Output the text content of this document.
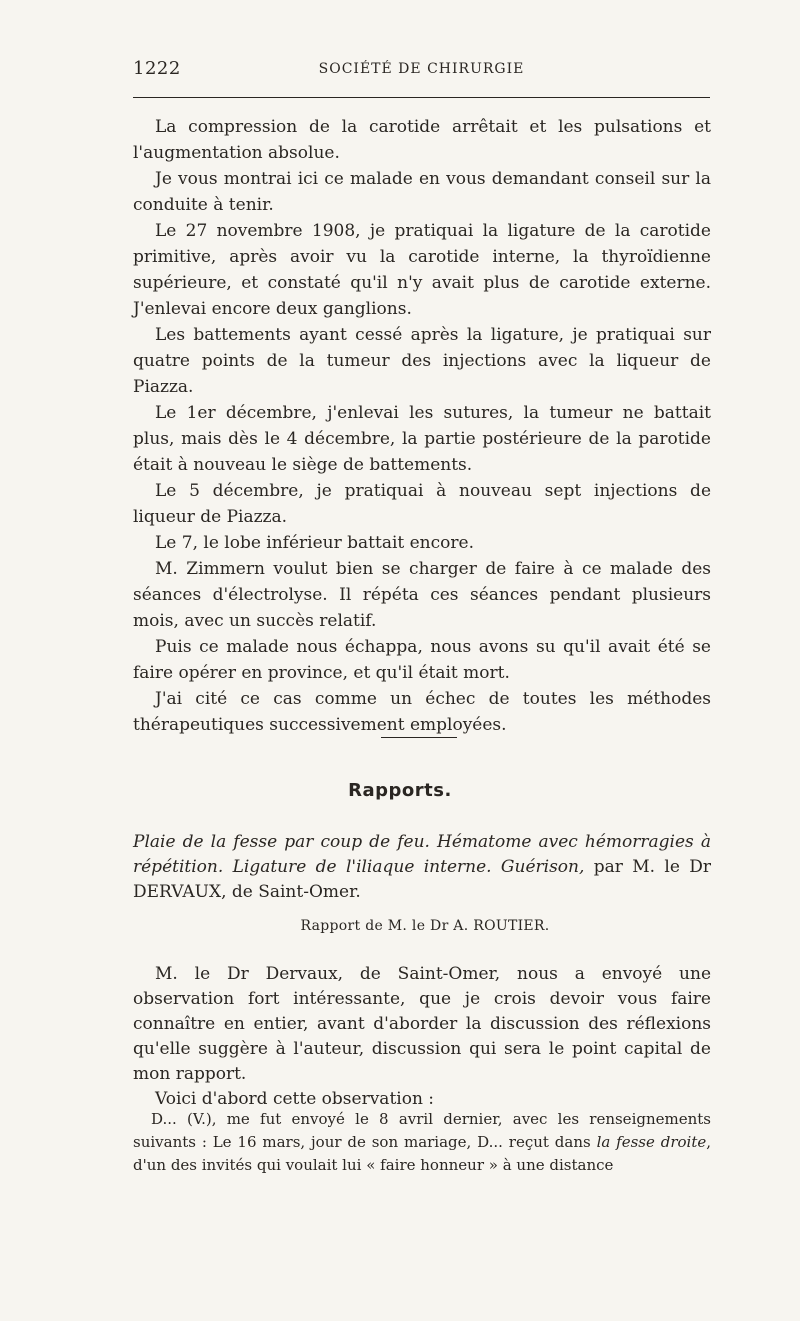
1222	SOCIÉTÉ DE CHIRURGIE

La compression de la carotide arrêtait et les pulsations et l'augmentation absolue.

Je vous montrai ici ce malade en vous demandant conseil sur la conduite à tenir.

Le 27 novembre 1908, je pratiquai la ligature de la carotide primitive, après avoir vu la carotide interne, la thyroïdienne supérieure, et constaté qu'il n'y avait plus de carotide externe. J'enlevai encore deux ganglions.

Les battements ayant cessé après la ligature, je pratiquai sur quatre points de la tumeur des injections avec la liqueur de Piazza.

Le 1er décembre, j'enlevai les sutures, la tumeur ne battait plus, mais dès le 4 décembre, la partie postérieure de la parotide était à nouveau le siège de battements.

Le 5 décembre, je pratiquai à nouveau sept injections de liqueur de Piazza.

Le 7, le lobe inférieur battait encore.

M. Zimmern voulut bien se charger de faire à ce malade des séances d'électrolyse. Il répéta ces séances pendant plusieurs mois, avec un succès relatif.

Puis ce malade nous échappa, nous avons su qu'il avait été se faire opérer en province, et qu'il était mort.

J'ai cité ce cas comme un échec de toutes les méthodes thérapeutiques successivement employées.

Rapports.
Plaie de la fesse par coup de feu. Hématome avec hémorragies à répétition. Ligature de l'iliaque interne. Guérison, par M. le Dr DERVAUX, de Saint-Omer.
Rapport de M. le Dr A. ROUTIER.

M. le Dr Dervaux, de Saint-Omer, nous a envoyé une observation fort intéressante, que je crois devoir vous faire connaître en entier, avant d'aborder la discussion des réflexions qu'elle suggère à l'auteur, discussion qui sera le point capital de mon rapport.

Voici d'abord cette observation :

D... (V.), me fut envoyé le 8 avril dernier, avec les renseignements suivants : Le 16 mars, jour de son mariage, D... reçut dans la fesse droite, d'un des invités qui voulait lui « faire honneur » à une distance
